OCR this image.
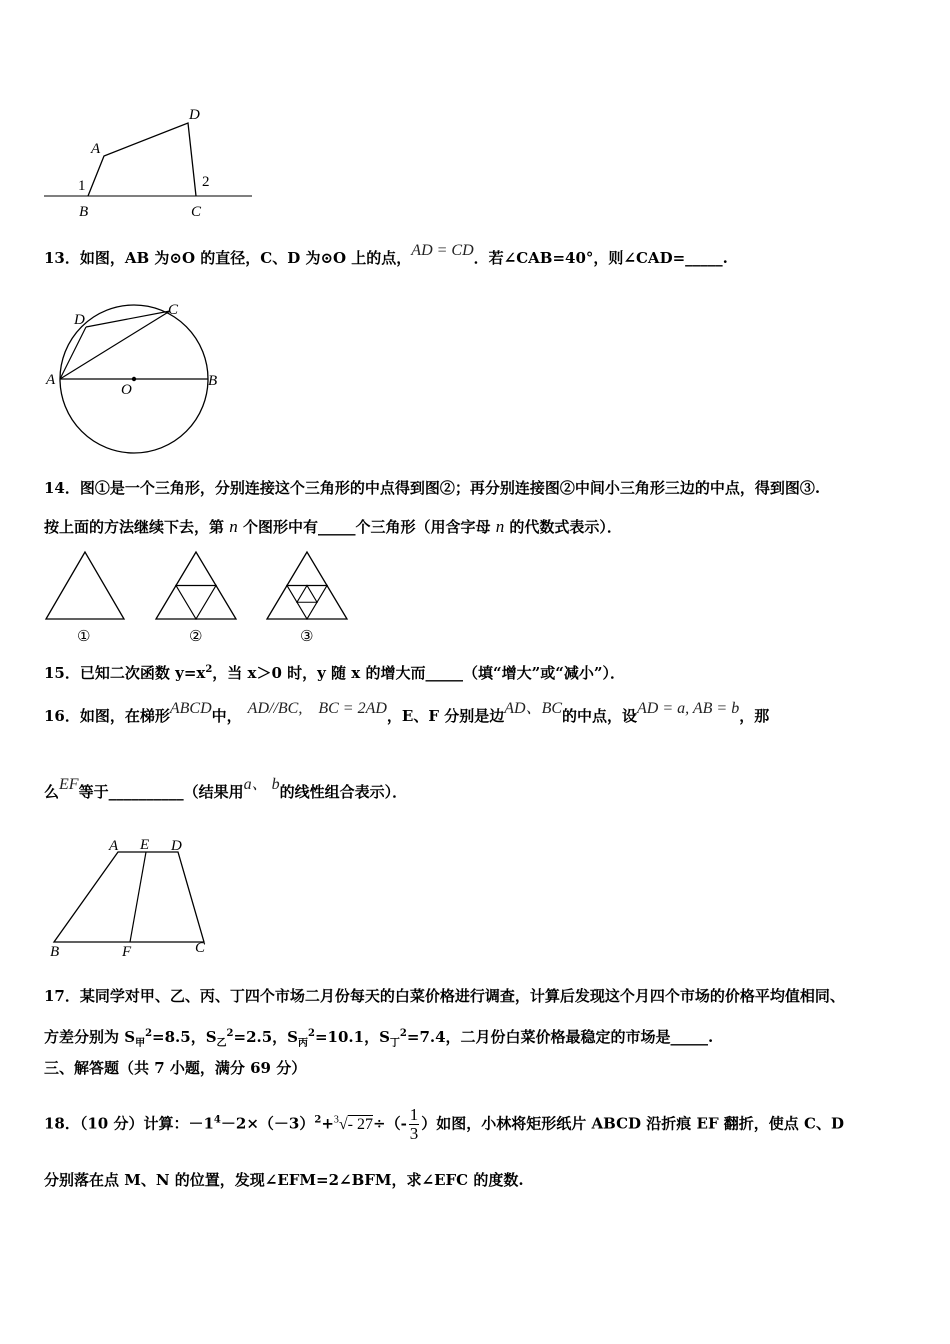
A
D
B	C
1	2
13．如图，AB 为⊙O 的直径，C、D 为⊙O 上的点，AD = CD．若∠CAB=40°，则∠CAD=_____.
A	B
C
D
O
14．图①是一个三角形，分别连接这个三角形的中点得到图②；再分别连接图②中间小三角形三边的中点，得到图③.
按上面的方法继续下去，第 n 个图形中有_____个三角形（用含字母 n 的代数式表示）．
①	②	③
15．已知二次函数 $y=x^2$，当 x＞0 时，y 随 x 的增大而_____（填“增大”或“减小”）．
16．如图，在梯形ABCD中， AD//BC, BC = 2AD，E、F 分别是边AD、BC的中点，设AD = a, AB = b，那
么EF等于__________（结果用a、 b的线性组合表示）．
A E D
B	F	C
17．某同学对甲、乙、丙、丁四个市场二月份每天的白菜价格进行调查，计算后发现这个月四个市场的价格平均值相同、
方差分别为 $S_甲^2=8.5$，$S_乙^2=2.5$，$S_丙^2=10.1$，$S_丁^2=7.4$，二月份白菜价格最稳定的市场是_____.
三、解答题（共 7 小题，满分 69 分）
18．（10 分）计算：$-1^4-2\times(-3)^2+^3√-$ $27\div(- \frac{1}{3}$ ）如图，小林将矩形纸片 ABCD 沿折痕 EF 翻折，使点 C、D
分别落在点 M、N 的位置，发现∠EFM=2∠BFM，求∠EFC 的度数.
